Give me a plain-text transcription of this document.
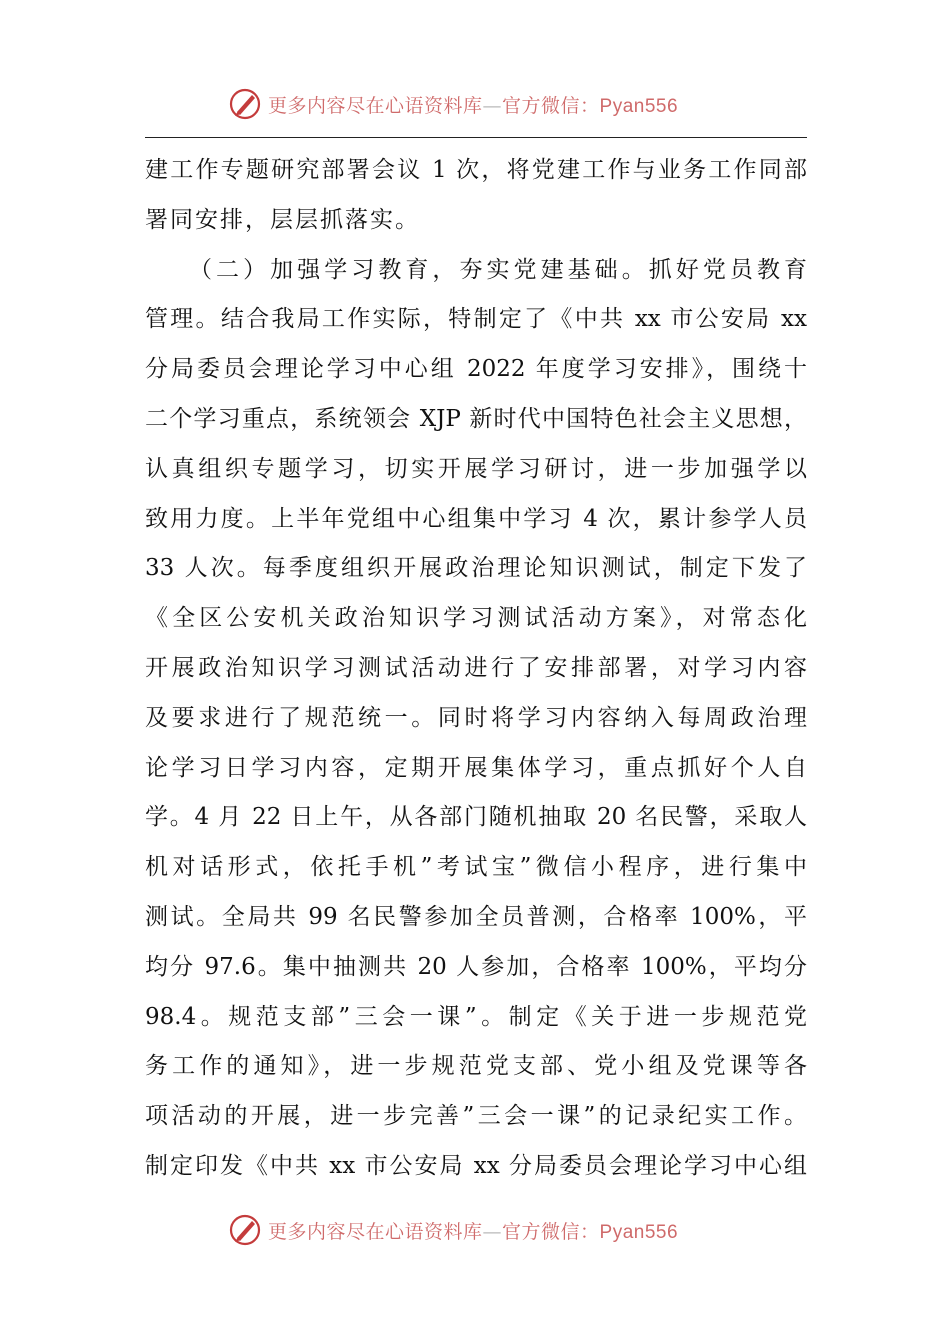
更多内容尽在心语资料库—官方微信：Pyan556
建工作专题研究部署会议 1 次，将党建工作与业务工作同部
署同安排，层层抓落实。
（二）加强学习教育，夯实党建基础。抓好党员教育
管理。结合我局工作实际，特制定了《中共 xx 市公安局 xx
分局委员会理论学习中心组 2022 年度学习安排》，围绕十
二个学习重点，系统领会 XJP 新时代中国特色社会主义思想，
认真组织专题学习，切实开展学习研讨，进一步加强学以
致用力度。上半年党组中心组集中学习 4 次，累计参学人员
33 人次。每季度组织开展政治理论知识测试，制定下发了
《全区公安机关政治知识学习测试活动方案》，对常态化
开展政治知识学习测试活动进行了安排部署，对学习内容
及要求进行了规范统一。同时将学习内容纳入每周政治理
论学习日学习内容，定期开展集体学习，重点抓好个人自
学。4 月 22 日上午，从各部门随机抽取 20 名民警，采取人
机对话形式，依托手机”考试宝”微信小程序，进行集中
测试。全局共 99 名民警参加全员普测，合格率 100%，平
均分 97.6。集中抽测共 20 人参加，合格率 100%，平均分
98.4。规范支部”三会一课”。制定《关于进一步规范党
务工作的通知》，进一步规范党支部、党小组及党课等各
项活动的开展，进一步完善”三会一课”的记录纪实工作。
制定印发《中共 xx 市公安局 xx 分局委员会理论学习中心组
更多内容尽在心语资料库—官方微信：Pyan556
